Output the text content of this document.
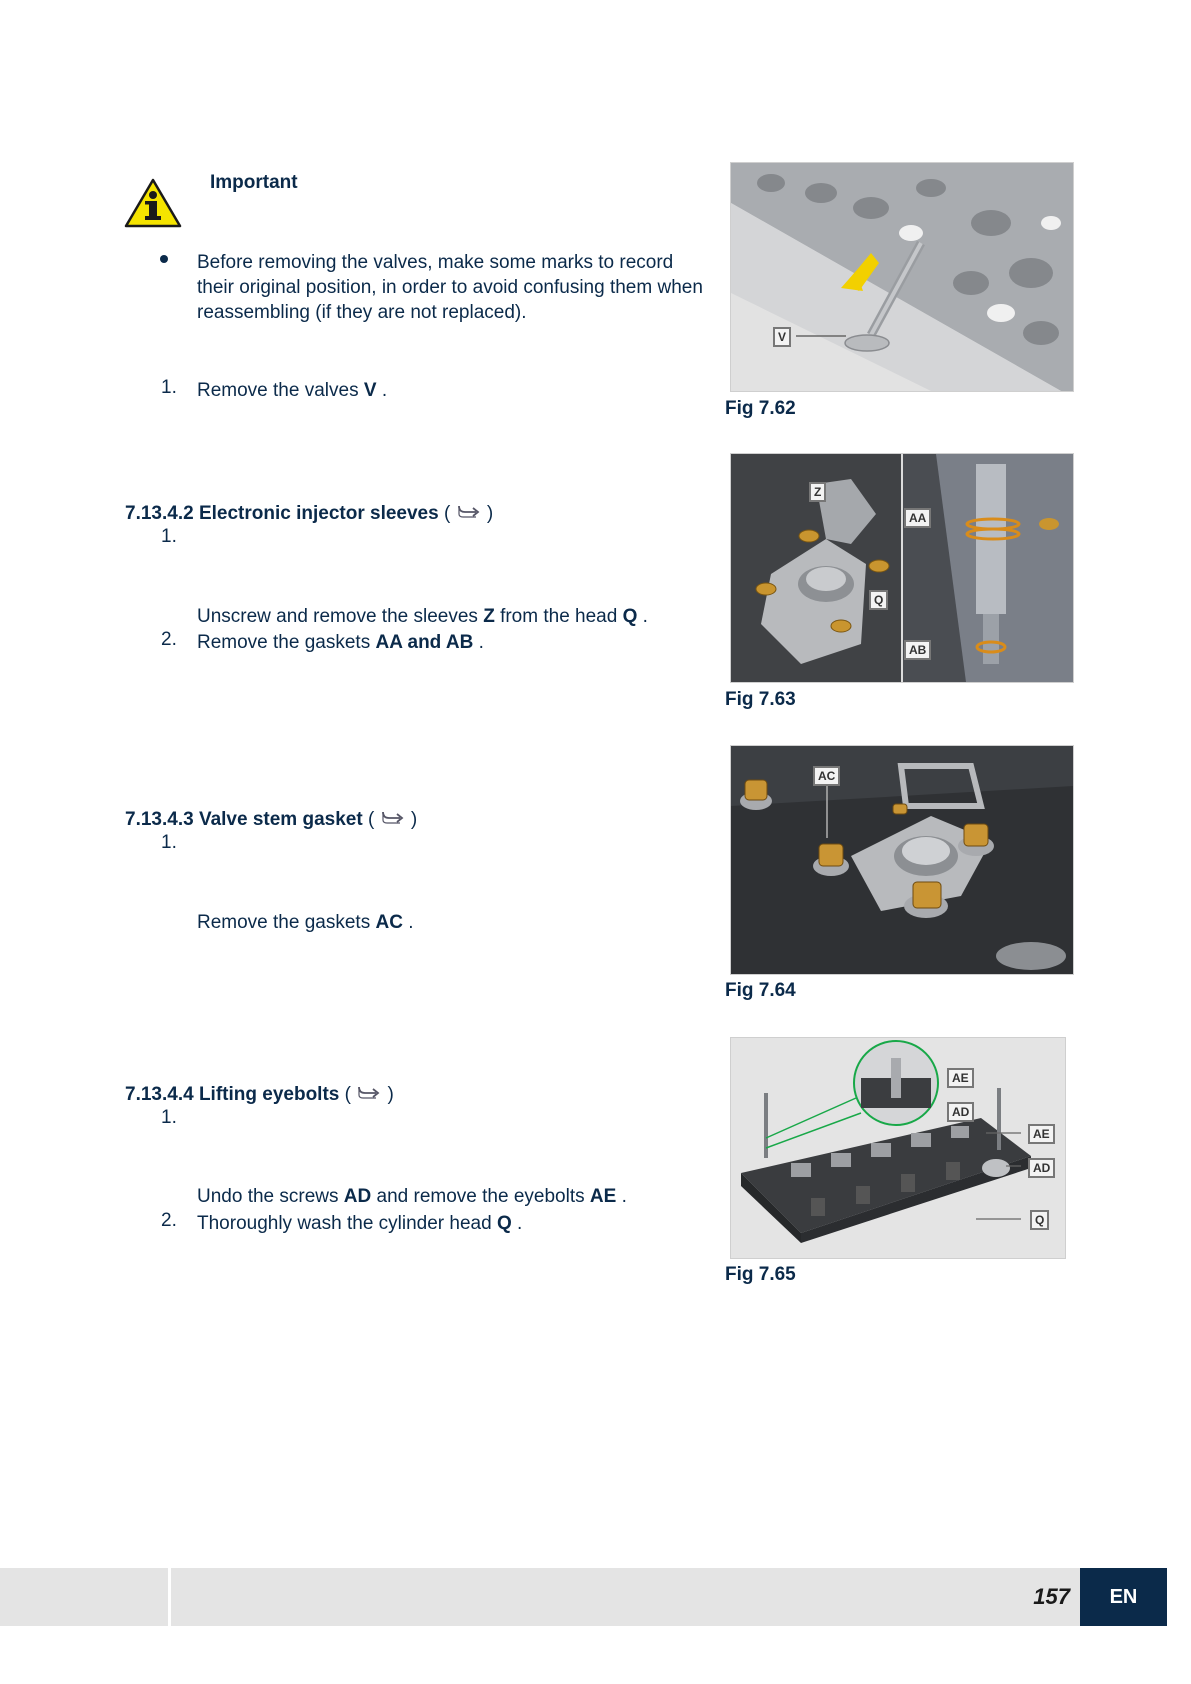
Important
Before removing the valves, make some marks to record their original position, in order to avoid confusing them when reassembling (if they are not replaced).
1. Remove the valves V .
7.13.4.2 Electronic injector sleeves ( )
1.
Unscrew and remove the sleeves Z from the head Q .
2. Remove the gaskets AA and AB .
7.13.4.3 Valve stem gasket ( )
1.
Remove the gaskets AC .
7.13.4.4 Lifting eyebolts ( )
1.
Undo the screws AD and remove the eyebolts AE .
2. Thoroughly wash the cylinder head Q .
V
Fig 7.62
Z
Q
AA
AB
Fig 7.63
AC
Fig 7.64
AE
AD
AE
AD
Q
Fig 7.65
157	EN
